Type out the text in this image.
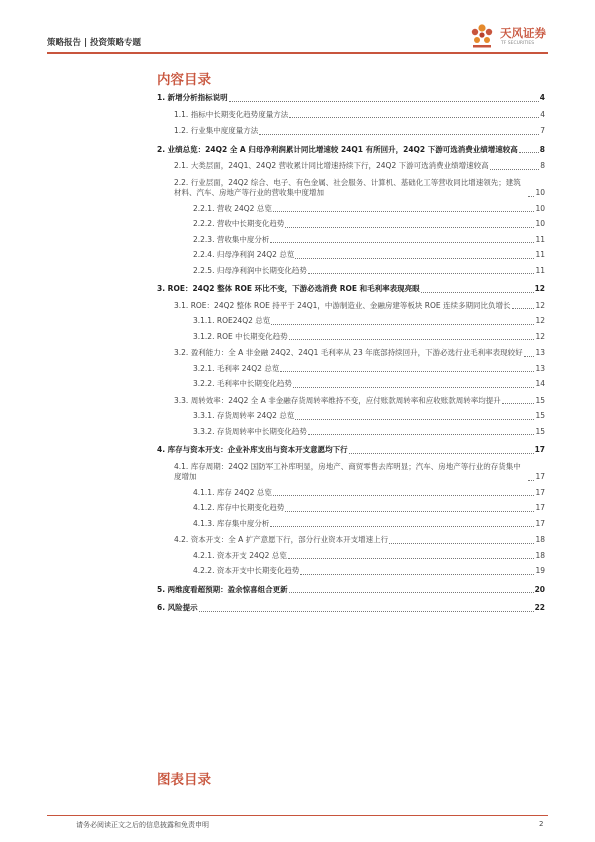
策略报告 | 投资策略专题
天风证券
TF SECURITIES
内容目录
1. 新增分析指标说明	4
1.1. 指标中长期变化趋势度量方法	4
1.2. 行业集中度度量方法	7
2. 业绩总览：24Q2 全 A 归母净利润累计同比增速较 24Q1 有所回升，24Q2 下游可选消费业绩增速较高	8
2.1. 大类层面，24Q1、24Q2 营收累计同比增速持续下行，24Q2 下游可选消费业绩增速较高	8
2.2. 行业层面，24Q2 综合、电子、有色金属、社会服务、计算机、基础化工等营收同比增速领先；建筑材料、汽车、房地产等行业的营收集中度增加	10
2.2.1. 营收 24Q2 总览	10
2.2.2. 营收中长期变化趋势	10
2.2.3. 营收集中度分析	11
2.2.4. 归母净利润 24Q2 总览	11
2.2.5. 归母净利润中长期变化趋势	11
3. ROE：24Q2 整体 ROE 环比不变，下游必选消费 ROE 和毛利率表现亮眼	12
3.1. ROE：24Q2 整体 ROE 持平于 24Q1，中游制造业、金融房建等板块 ROE 连续多期同比负增长	12
3.1.1. ROE24Q2 总览	12
3.1.2. ROE 中长期变化趋势	12
3.2. 盈利能力：全 A 非金融 24Q2、24Q1 毛利率从 23 年底部持续回升，下游必选行业毛利率表现较好 13
3.2.1. 毛利率 24Q2 总览	13
3.2.2. 毛利率中长期变化趋势	14
3.3. 周转效率：24Q2 全 A 非金融存货周转率维持不变，应付账款周转率和应收账款周转率均提升	15
3.3.1. 存货周转率 24Q2 总览	15
3.3.2. 存货周转率中长期变化趋势	15
4. 库存与资本开支：企业补库支出与资本开支意愿均下行	17
4.1. 库存周期：24Q2 国防军工补库明显，房地产、商贸零售去库明显；汽车、房地产等行业的存货集中度增加	17
4.1.1. 库存 24Q2 总览	17
4.1.2. 库存中长期变化趋势	17
4.1.3. 库存集中度分析	17
4.2. 资本开支：全 A 扩产意愿下行，部分行业资本开支增速上行	18
4.2.1. 资本开支 24Q2 总览	18
4.2.2. 资本开支中长期变化趋势	19
5. 两维度看超预期：盈余惊喜组合更新	20
6. 风险提示	22
图表目录
请务必阅读正文之后的信息披露和免责申明	2
